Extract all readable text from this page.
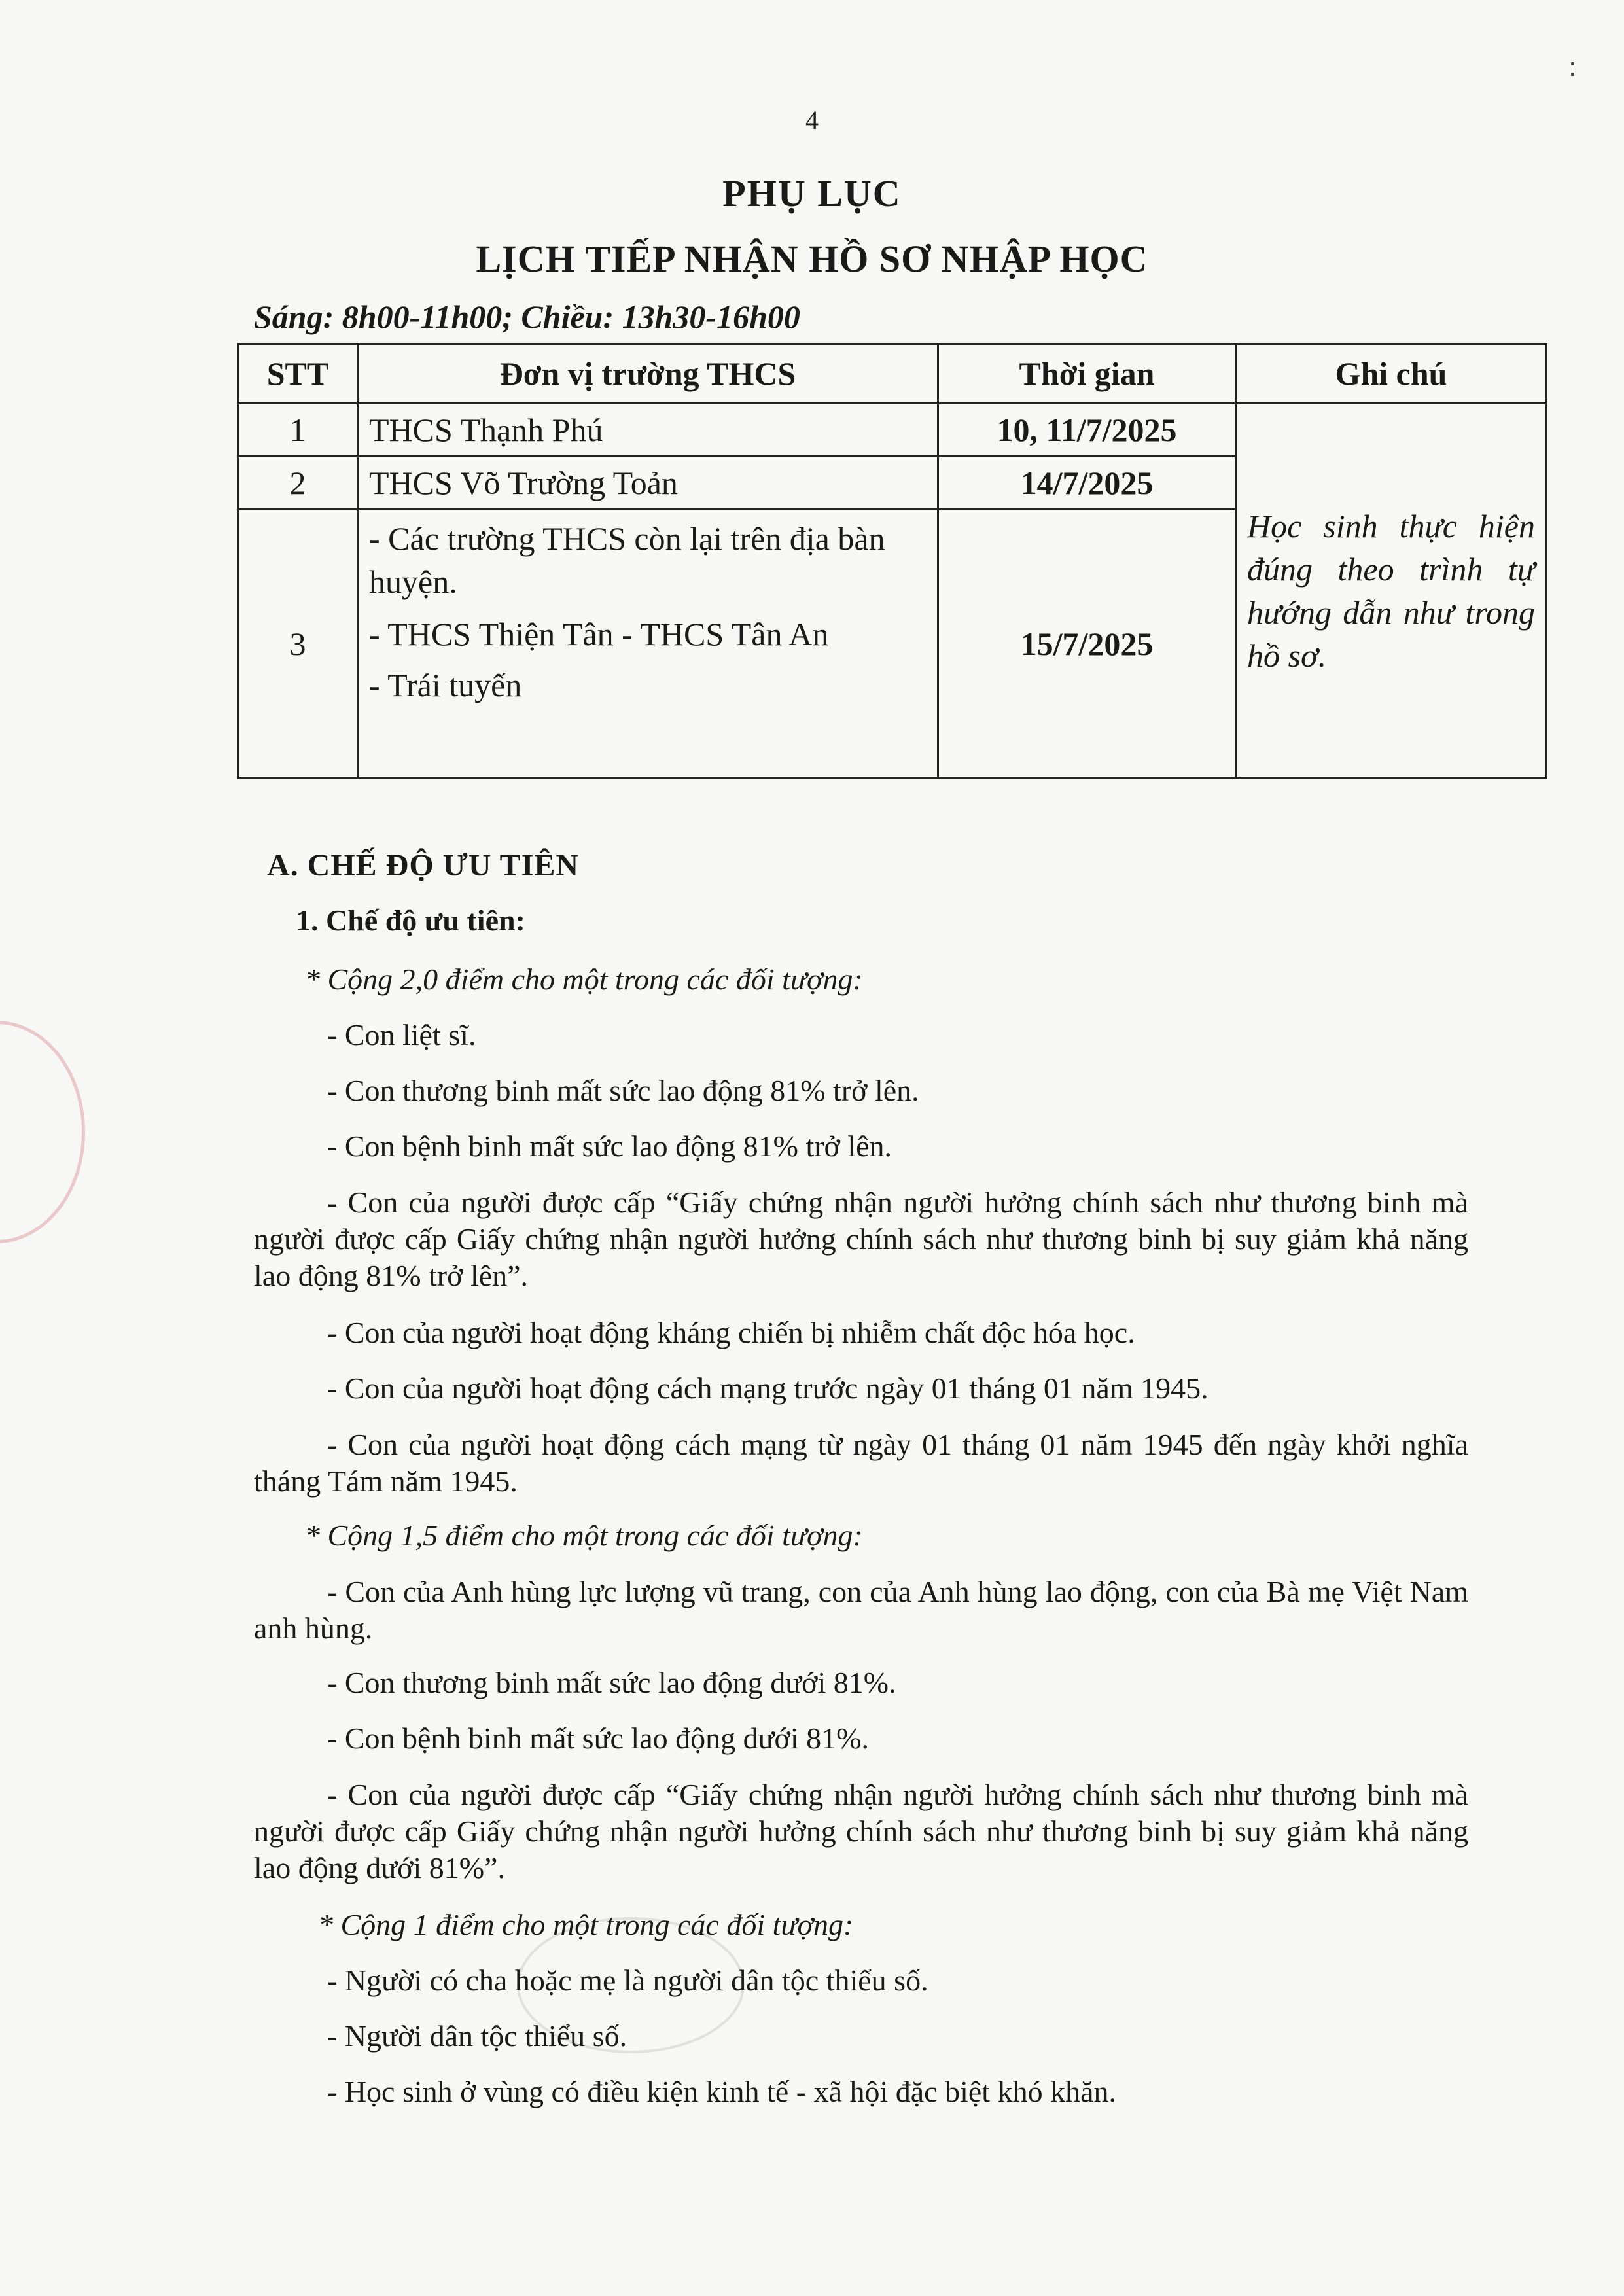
:
4
PHỤ LỤC
LỊCH TIẾP NHẬN HỒ SƠ NHẬP HỌC
Sáng: 8h00-11h00; Chiều: 13h30-16h00
STT	Đơn vị trường THCS	Thời gian	Ghi chú
1	THCS Thạnh Phú	10, 11/7/2025	Học sinh thực hiện đúng theo trình tự hướng dẫn như trong hồ sơ.
2	THCS Võ Trường Toản	14/7/2025	
3	- Các trường THCS còn lại trên địa bàn huyện.
- THCS Thiện Tân - THCS Tân An
- Trái tuyến	15/7/2025	
A. CHẾ ĐỘ ƯU TIÊN
1. Chế độ ưu tiên:
* Cộng 2,0 điểm cho một trong các đối tượng:
- Con liệt sĩ.
- Con thương binh mất sức lao động 81% trở lên.
- Con bệnh binh mất sức lao động 81% trở lên.
- Con của người được cấp “Giấy chứng nhận người hưởng chính sách như thương binh mà người được cấp Giấy chứng nhận người hưởng chính sách như thương binh bị suy giảm khả năng lao động 81% trở lên”.
- Con của người hoạt động kháng chiến bị nhiễm chất độc hóa học.
- Con của người hoạt động cách mạng trước ngày 01 tháng 01 năm 1945.
- Con của người hoạt động cách mạng từ ngày 01 tháng 01 năm 1945 đến ngày khởi nghĩa tháng Tám năm 1945.
* Cộng 1,5 điểm cho một trong các đối tượng:
- Con của Anh hùng lực lượng vũ trang, con của Anh hùng lao động, con của Bà mẹ Việt Nam anh hùng.
- Con thương binh mất sức lao động dưới 81%.
- Con bệnh binh mất sức lao động dưới 81%.
- Con của người được cấp “Giấy chứng nhận người hưởng chính sách như thương binh mà người được cấp Giấy chứng nhận người hưởng chính sách như thương binh bị suy giảm khả năng lao động dưới 81%”.
* Cộng 1 điểm cho một trong các đối tượng:
- Người có cha hoặc mẹ là người dân tộc thiểu số.
- Người dân tộc thiểu số.
- Học sinh ở vùng có điều kiện kinh tế - xã hội đặc biệt khó khăn.
